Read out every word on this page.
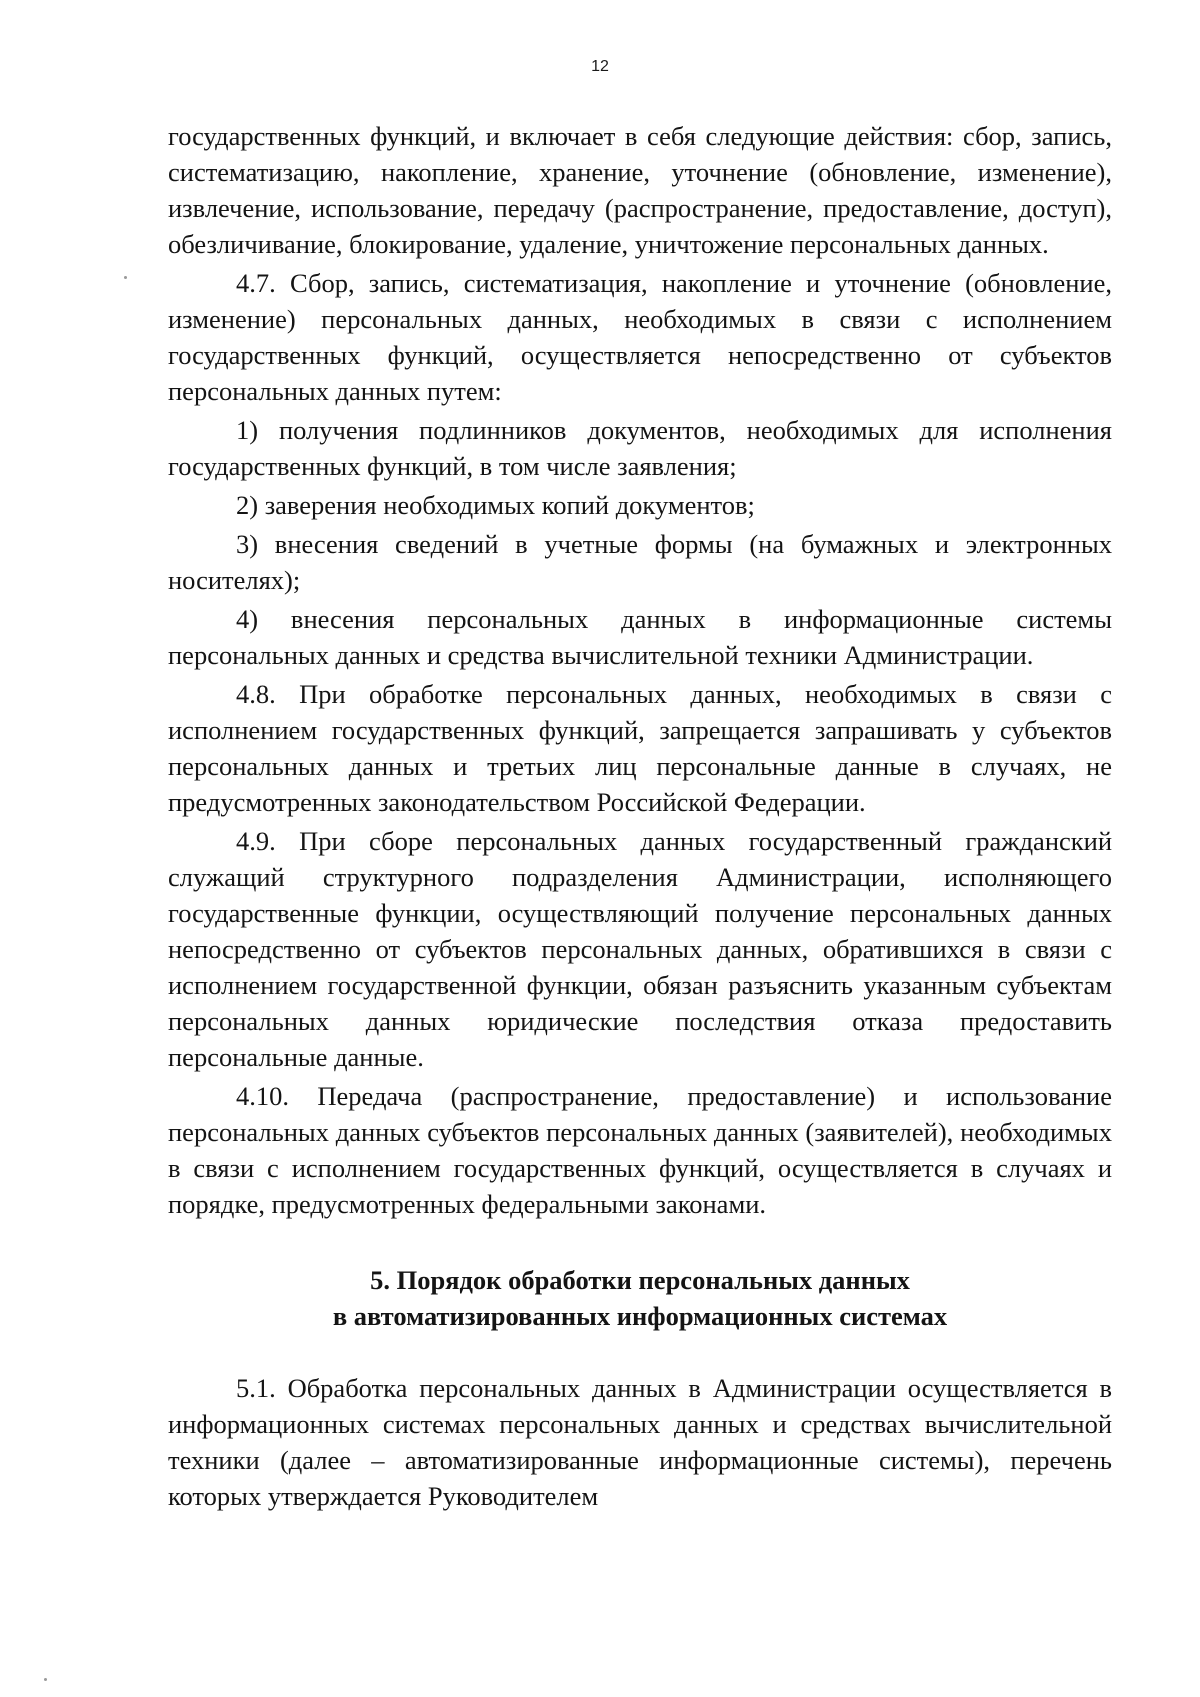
12

государственных функций, и включает в себя следующие действия: сбор, запись, систематизацию, накопление, хранение, уточнение (обновление, изменение), извлечение, использование, передачу (распространение, предоставление, доступ), обезличивание, блокирование, удаление, уничтожение персональных данных.

4.7. Сбор, запись, систематизация, накопление и уточнение (обновление, изменение) персональных данных, необходимых в связи с исполнением государственных функций, осуществляется непосредственно от субъектов персональных данных путем:

1) получения подлинников документов, необходимых для исполнения государственных функций, в том числе заявления;

2) заверения необходимых копий документов;

3) внесения сведений в учетные формы (на бумажных и электронных носителях);

4) внесения персональных данных в информационные системы персональных данных и средства вычислительной техники Администрации.

4.8. При обработке персональных данных, необходимых в связи с исполнением государственных функций, запрещается запрашивать у субъектов персональных данных и третьих лиц персональные данные в случаях, не предусмотренных законодательством Российской Федерации.

4.9. При сборе персональных данных государственный гражданский служащий структурного подразделения Администрации, исполняющего государственные функции, осуществляющий получение персональных данных непосредственно от субъектов персональных данных, обратившихся в связи с исполнением государственной функции, обязан разъяснить указанным субъектам персональных данных юридические последствия отказа предоставить персональные данные.

4.10. Передача (распространение, предоставление) и использование персональных данных субъектов персональных данных (заявителей), необходимых в связи с исполнением государственных функций, осуществляется в случаях и порядке, предусмотренных федеральными законами.

5. Порядок обработки персональных данных
в автоматизированных информационных системах

5.1. Обработка персональных данных в Администрации осуществляется в информационных системах персональных данных и средствах вычислительной техники (далее – автоматизированные информационные системы), перечень которых утверждается Руководителем
